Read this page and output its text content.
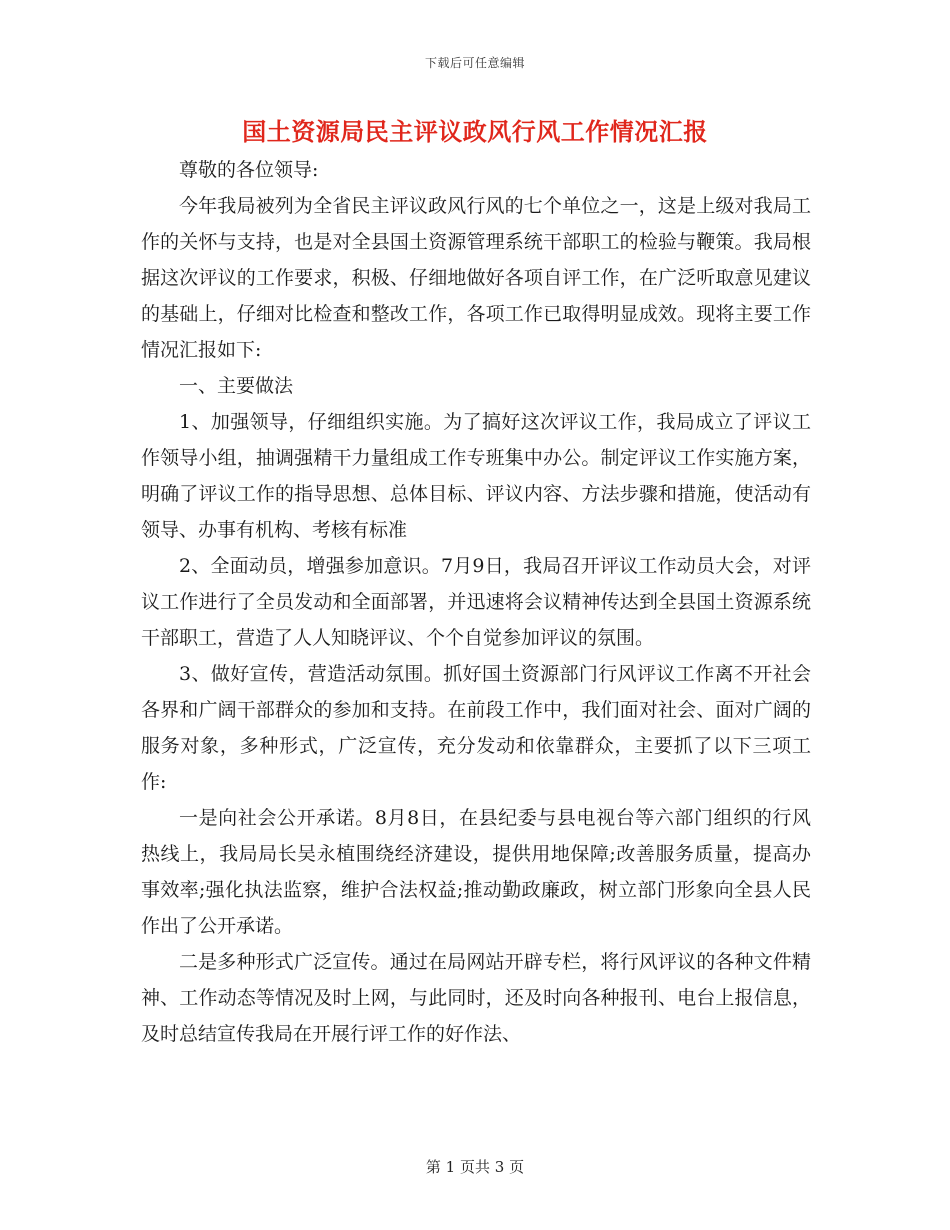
下载后可任意编辑
国土资源局民主评议政风行风工作情况汇报

尊敬的各位领导:

今年我局被列为全省民主评议政风行风的七个单位之一，这是上级对我局工作的关怀与支持，也是对全县国土资源管理系统干部职工的检验与鞭策。我局根据这次评议的工作要求，积极、仔细地做好各项自评工作，在广泛听取意见建议的基础上，仔细对比检查和整改工作，各项工作已取得明显成效。现将主要工作情况汇报如下:

一、主要做法

1、加强领导，仔细组织实施。为了搞好这次评议工作，我局成立了评议工作领导小组，抽调强精干力量组成工作专班集中办公。制定评议工作实施方案，明确了评议工作的指导思想、总体目标、评议内容、方法步骤和措施，使活动有领导、办事有机构、考核有标准

2、全面动员，增强参加意识。7月9日，我局召开评议工作动员大会，对评议工作进行了全员发动和全面部署，并迅速将会议精神传达到全县国土资源系统干部职工，营造了人人知晓评议、个个自觉参加评议的氛围。

3、做好宣传，营造活动氛围。抓好国土资源部门行风评议工作离不开社会各界和广阔干部群众的参加和支持。在前段工作中，我们面对社会、面对广阔的服务对象，多种形式，广泛宣传，充分发动和依靠群众，主要抓了以下三项工作:

一是向社会公开承诺。8月8日，在县纪委与县电视台等六部门组织的行风热线上，我局局长吴永植围绕经济建设，提供用地保障;改善服务质量，提高办事效率;强化执法监察，维护合法权益;推动勤政廉政，树立部门形象向全县人民作出了公开承诺。

二是多种形式广泛宣传。通过在局网站开辟专栏，将行风评议的各种文件精神、工作动态等情况及时上网，与此同时，还及时向各种报刊、电台上报信息，及时总结宣传我局在开展行评工作的好作法、

第 1 页共 3 页
